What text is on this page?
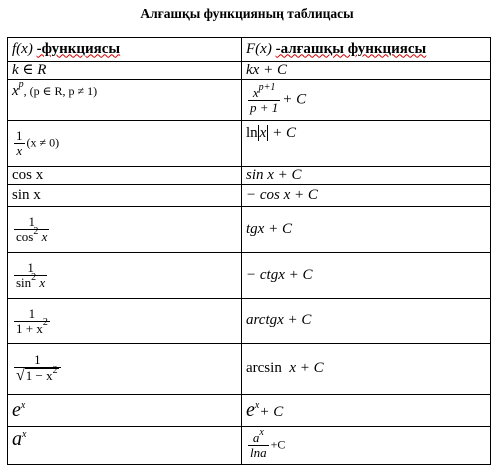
Алғашқы функцияның таблицасы
f(x) -функциясы	F(x) -алғашқы функциясы
k ∈ R	kx + C
$x^p$, (p ∈ R, p ≠ 1)	$\frac{x^{p+1}}{p + 1} + C$

$\frac{1}{x} (x \ne 0)$	ln x + C
cos x	sin x + C
sin x	− cos x + C

$\frac{1}{\cos^2 x}$	tgx + C

$\frac{1}{\sin^2 x}$	− ctgx + C

$\frac{1}{1 + x^2}$	arctgx + C

$\frac{1}{√1 - x^2}$	arcsin x + C
$e^x$	$e^x+ C$
$a^x$	$\frac{a^x}{\ln a} +C$
